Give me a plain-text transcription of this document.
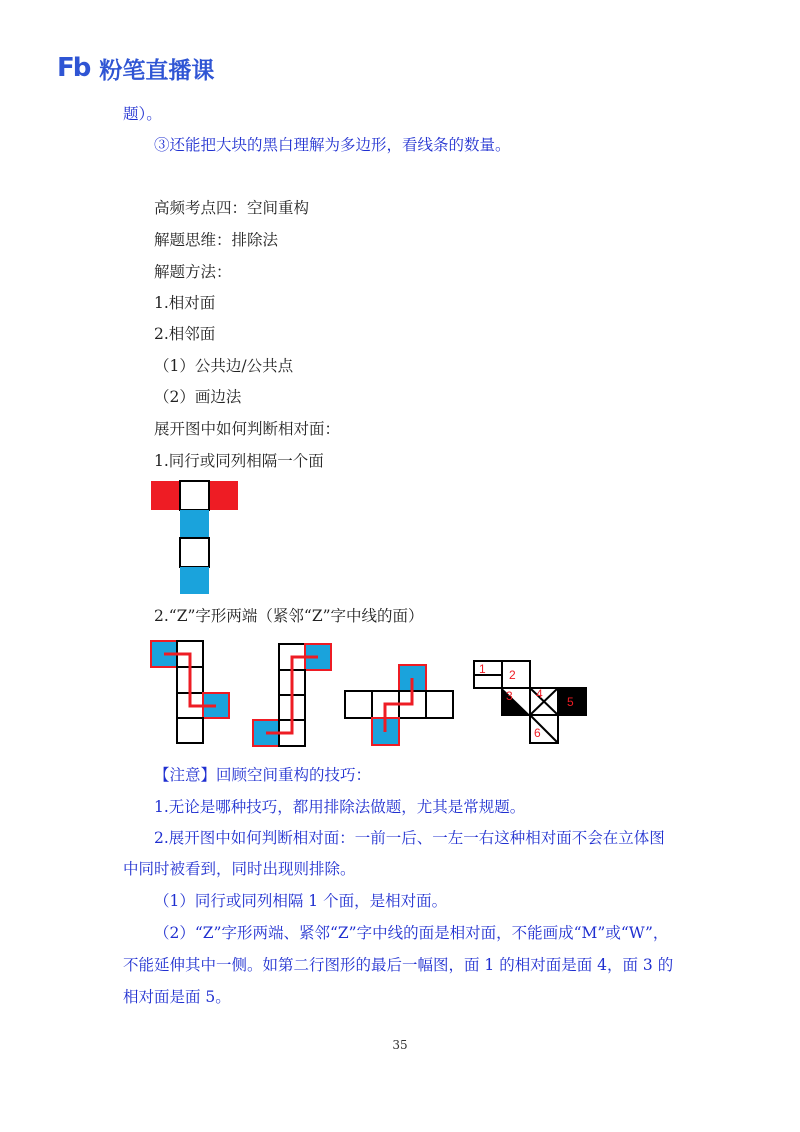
Fb 粉笔直播课
题）。
③还能把大块的黑白理解为多边形，看线条的数量。
高频考点四：空间重构
解题思维：排除法
解题方法：
1.相对面
2.相邻面
（1）公共边/公共点
（2）画边法
展开图中如何判断相对面：
1.同行或同列相隔一个面
2.“Z”字形两端（紧邻“Z”字中线的面）
1 2
3 4
5
6
【注意】回顾空间重构的技巧：
1.无论是哪种技巧，都用排除法做题，尤其是常规题。
2.展开图中如何判断相对面：一前一后、一左一右这种相对面不会在立体图
中同时被看到，同时出现则排除。
（1）同行或同列相隔 1 个面，是相对面。
（2）“Z”字形两端、紧邻“Z”字中线的面是相对面，不能画成“M”或“W”，
不能延伸其中一侧。如第二行图形的最后一幅图，面 1 的相对面是面 4，面 3 的
相对面是面 5。
35
